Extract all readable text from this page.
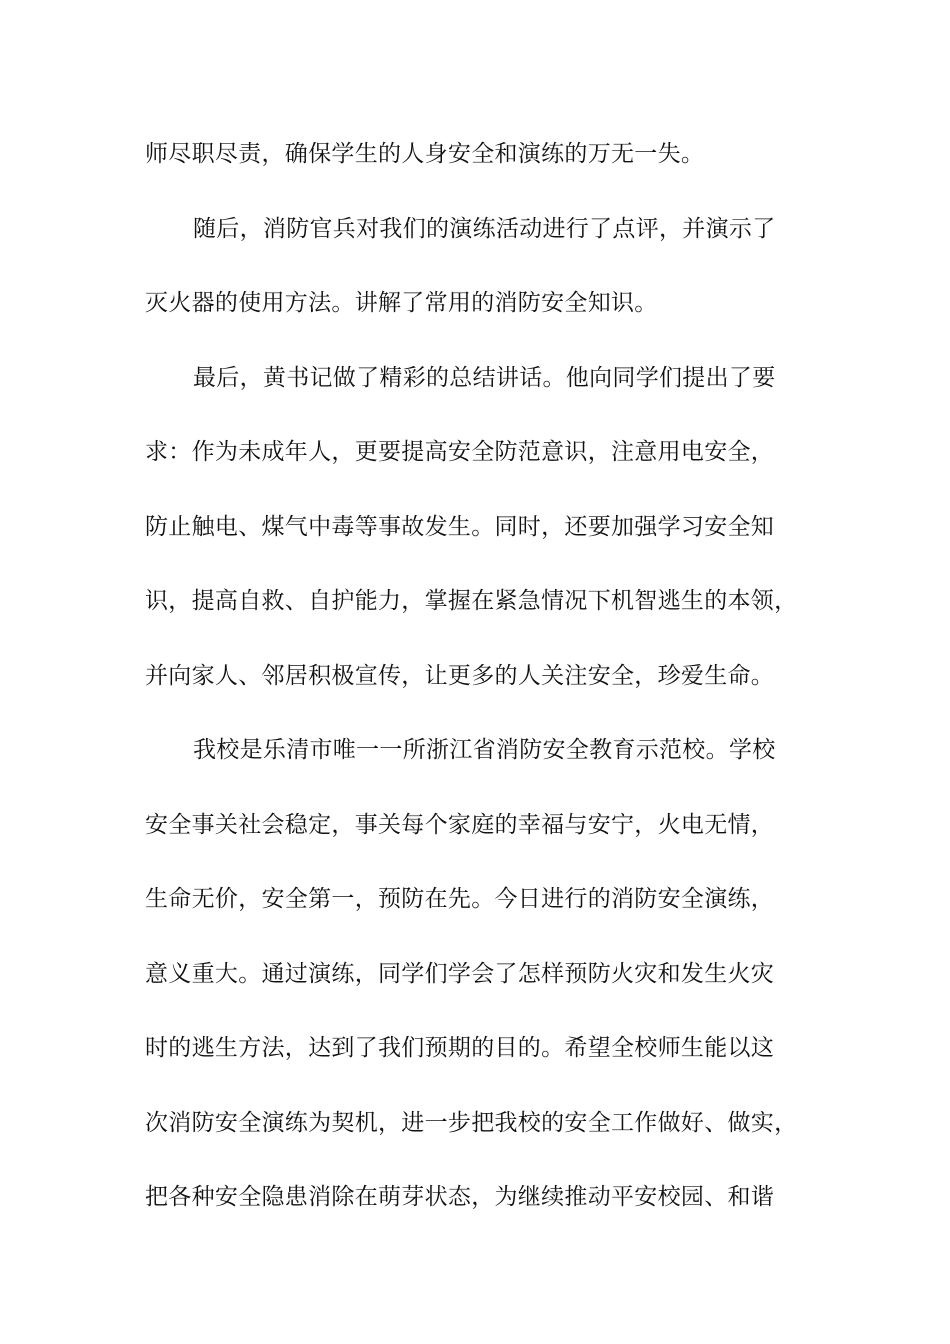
师尽职尽责，确保学生的人身安全和演练的万无一失。
随后，消防官兵对我们的演练活动进行了点评，并演示了
灭火器的使用方法。讲解了常用的消防安全知识。
最后，黄书记做了精彩的总结讲话。他向同学们提出了要
求：作为未成年人，更要提高安全防范意识，注意用电安全，
防止触电、煤气中毒等事故发生。同时，还要加强学习安全知
识，提高自救、自护能力，掌握在紧急情况下机智逃生的本领，
并向家人、邻居积极宣传，让更多的人关注安全，珍爱生命。
我校是乐清市唯一一所浙江省消防安全教育示范校。学校
安全事关社会稳定，事关每个家庭的幸福与安宁，火电无情，
生命无价，安全第一，预防在先。今日进行的消防安全演练，
意义重大。通过演练，同学们学会了怎样预防火灾和发生火灾
时的逃生方法，达到了我们预期的目的。希望全校师生能以这
次消防安全演练为契机，进一步把我校的安全工作做好、做实，
把各种安全隐患消除在萌芽状态，为继续推动平安校园、和谐
